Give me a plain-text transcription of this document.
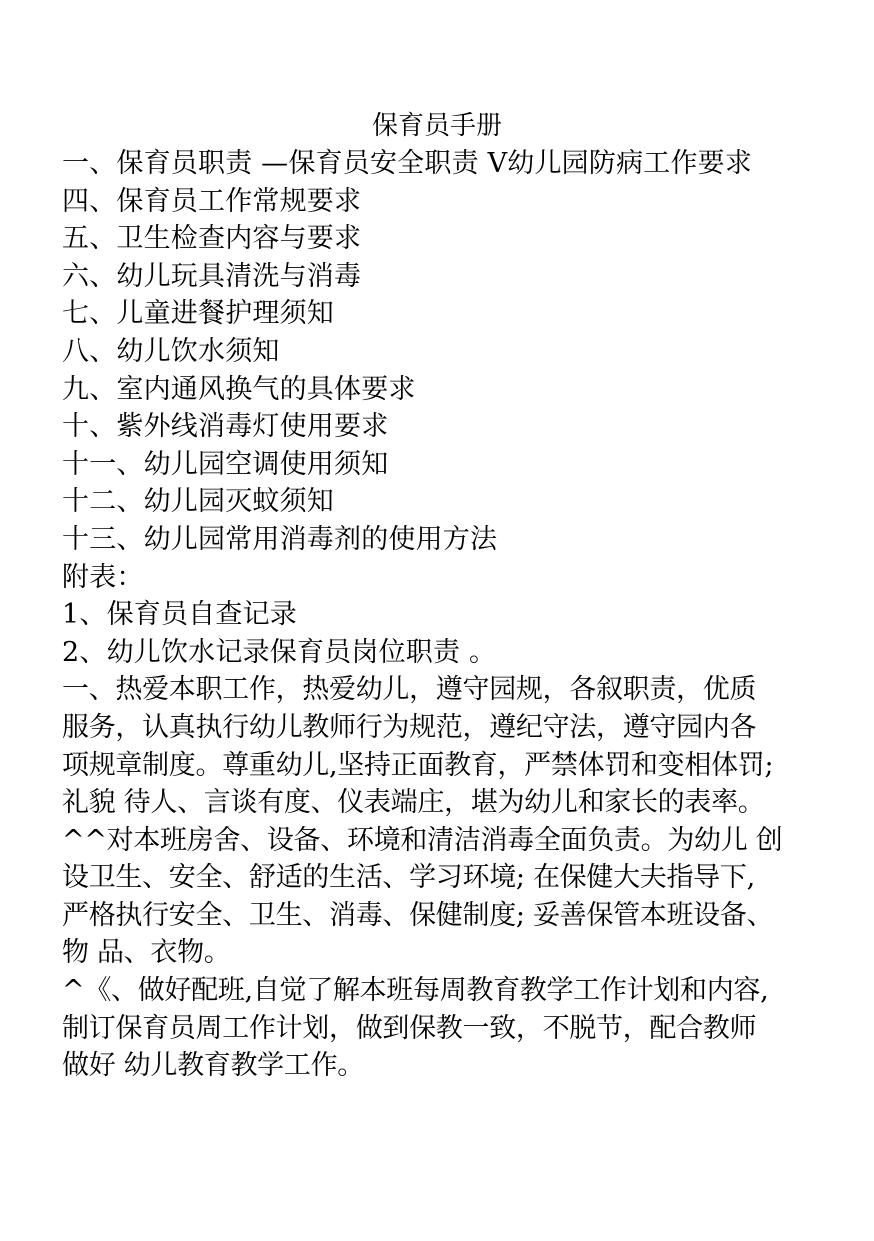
保育员手册
一、保育员职责 —保育员安全职责 V幼儿园防病工作要求
四、保育员工作常规要求
五、卫生检查内容与要求
六、幼儿玩具清洗与消毒
七、儿童进餐护理须知
八、幼儿饮水须知
九、室内通风换气的具体要求
十、紫外线消毒灯使用要求
十一、幼儿园空调使用须知
十二、幼儿园灭蚊须知
十三、幼儿园常用消毒剂的使用方法
附表：
1、保育员自查记录
2、幼儿饮水记录保育员岗位职责 。
一、热爱本职工作，热爱幼儿，遵守园规，各叙职责，优质
服务，认真执行幼儿教师行为规范，遵纪守法，遵守园内各
项规章制度。尊重幼儿,坚持正面教育，严禁体罚和变相体罚;
礼貌 待人、言谈有度、仪表端庄，堪为幼儿和家长的表率。
^^对本班房舍、设备、环境和清洁消毒全面负责。为幼儿 创
设卫生、安全、舒适的生活、学习环境; 在保健大夫指导下,
严格执行安全、卫生、消毒、保健制度; 妥善保管本班设备、
物 品、衣物。
^《、做好配班,自觉了解本班每周教育教学工作计划和内容,
制订保育员周工作计划，做到保教一致，不脱节，配合教师
做好 幼儿教育教学工作。
